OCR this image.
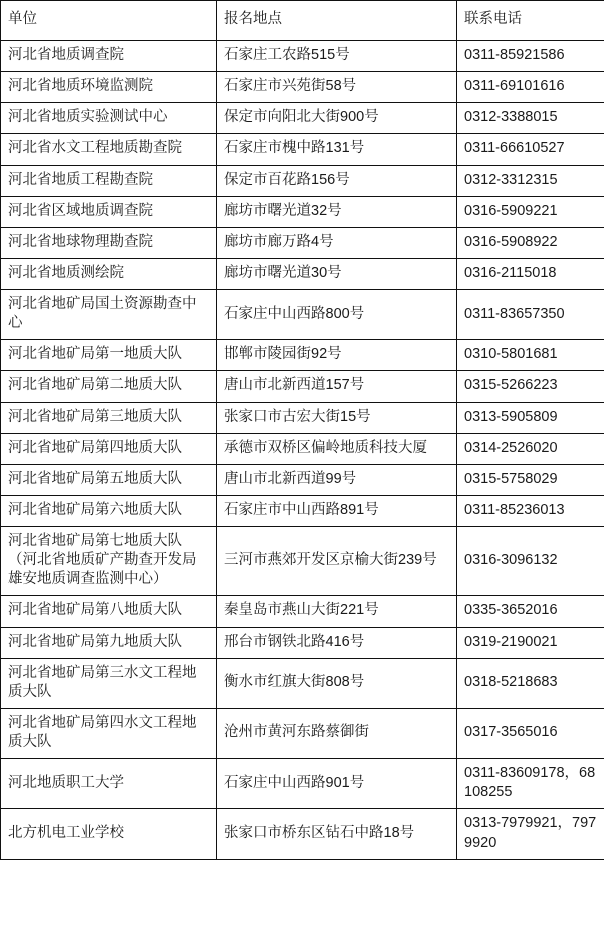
单位	报名地点	联系电话

河北省地质调查院	石家庄工农路515号	0311-85921586

河北省地质环境监测院	石家庄市兴苑街58号	0311-69101616

河北省地质实验测试中心	保定市向阳北大街900号	0312-3388015

河北省水文工程地质勘查院	石家庄市槐中路131号	0311-66610527

河北省地质工程勘查院	保定市百花路156号	0312-3312315

河北省区域地质调查院	廊坊市曙光道32号	0316-5909221

河北省地球物理勘查院	廊坊市廊万路4号	0316-5908922

河北省地质测绘院	廊坊市曙光道30号	0316-2115018

河北省地矿局国土资源勘查中心	石家庄中山西路800号	0311-83657350

河北省地矿局第一地质大队	邯郸市陵园街92号	0310-5801681

河北省地矿局第二地质大队	唐山市北新西道157号	0315-5266223

河北省地矿局第三地质大队	张家口市古宏大街15号	0313-5905809

河北省地矿局第四地质大队	承德市双桥区偏岭地质科技大厦	0314-2526020

河北省地矿局第五地质大队	唐山市北新西道99号	0315-5758029

河北省地矿局第六地质大队	石家庄市中山西路891号	0311-85236013

河北省地矿局第七地质大队（河北省地质矿产勘查开发局雄安地质调查监测中心）	三河市燕郊开发区京榆大街239号	0316-3096132

河北省地矿局第八地质大队	秦皇岛市燕山大街221号	0335-3652016

河北省地矿局第九地质大队	邢台市钢铁北路416号	0319-2190021

河北省地矿局第三水文工程地质大队	衡水市红旗大街808号	0318-5218683

河北省地矿局第四水文工程地质大队	沧州市黄河东路蔡御街	0317-3565016

河北地质职工大学	石家庄中山西路901号	0311-83609178，68108255

北方机电工业学校	张家口市桥东区钻石中路18号	0313-7979921，7979920
